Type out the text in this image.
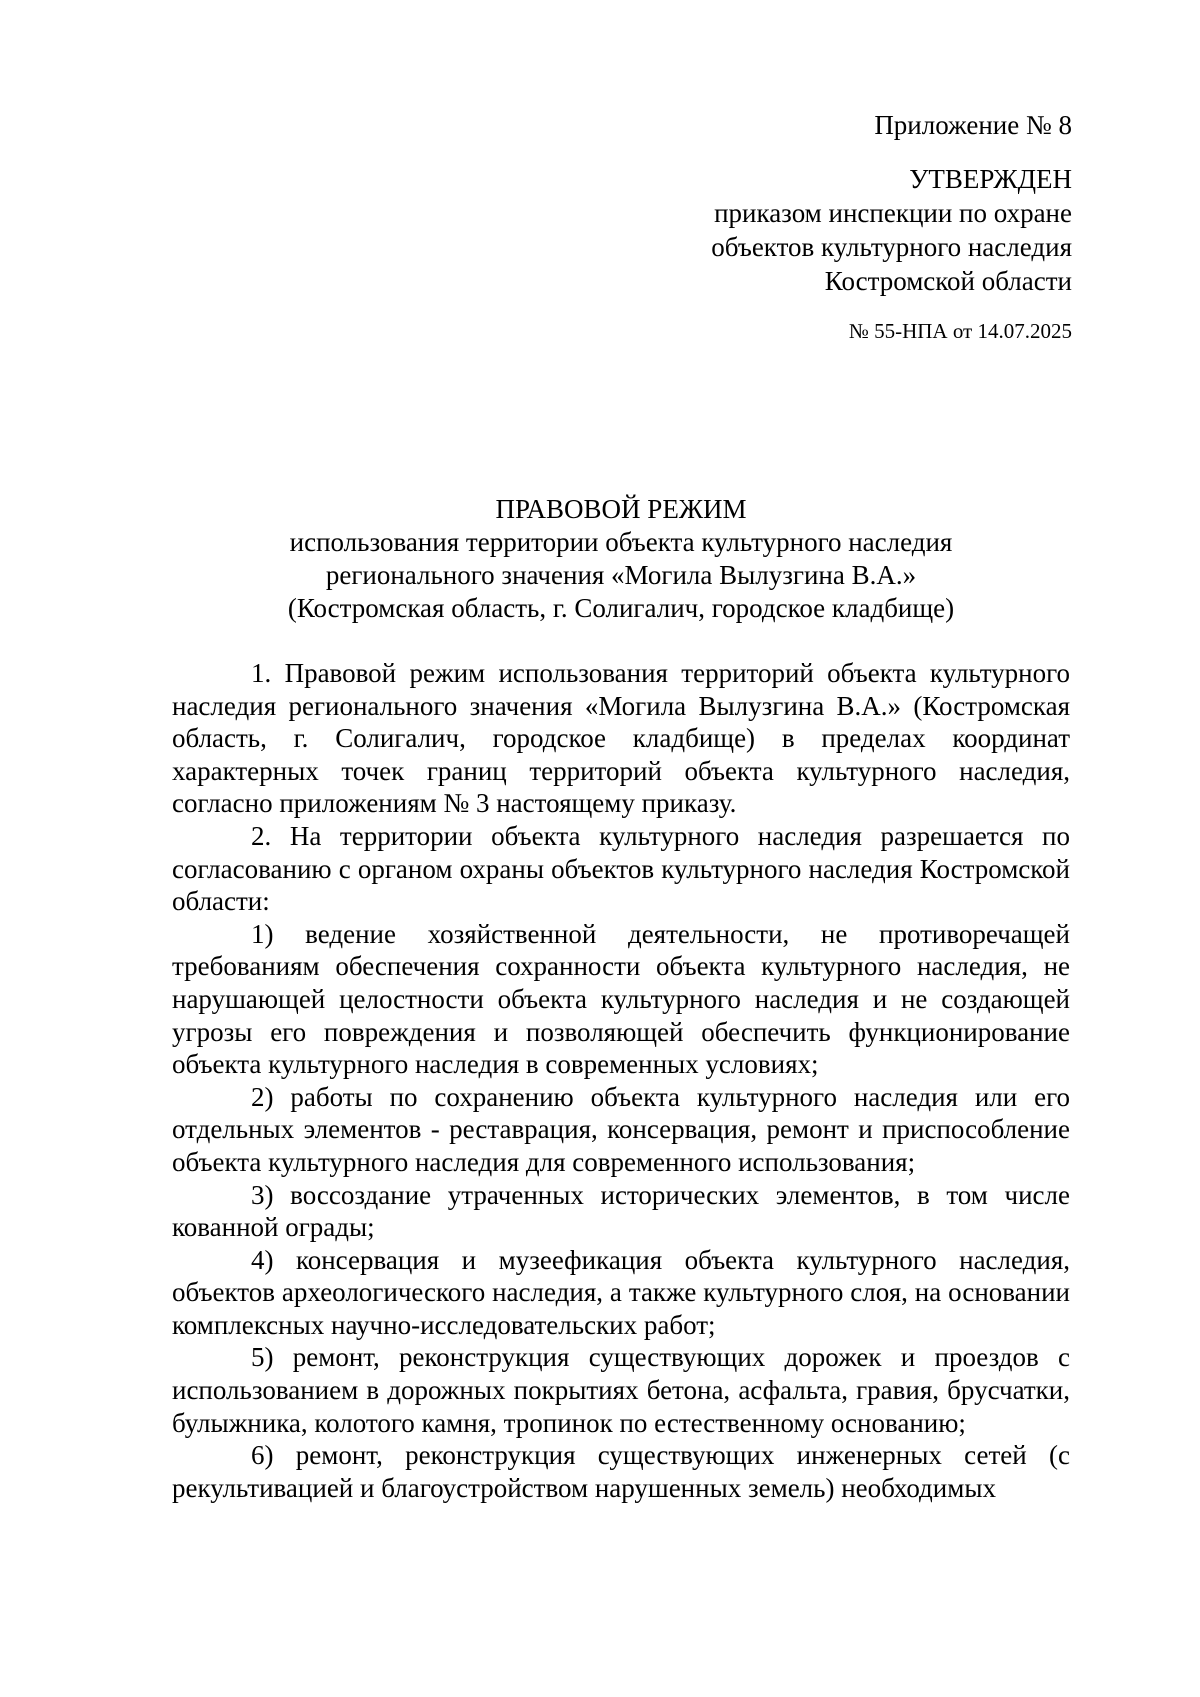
Приложение № 8
УТВЕРЖДЕН
приказом инспекции по охране
объектов культурного наследия
Костромской области
№ 55-НПА от 14.07.2025
ПРАВОВОЙ РЕЖИМ
использования территории объекта культурного наследия
регионального значения «Могила Вылузгина В.А.»
(Костромская область, г. Солигалич, городское кладбище)

1. Правовой режим использования территорий объекта культурного наследия регионального значения «Могила Вылузгина В.А.» (Костромская область, г. Солигалич, городское кладбище) в пределах координат характерных точек границ территорий объекта культурного наследия, согласно приложениям № 3 настоящему приказу.

2. На территории объекта культурного наследия разрешается по согласованию с органом охраны объектов культурного наследия Костромской области:

1) ведение хозяйственной деятельности, не противоречащей требованиям обеспечения сохранности объекта культурного наследия, не нарушающей целостности объекта культурного наследия и не создающей угрозы его повреждения и позволяющей обеспечить функционирование объекта культурного наследия в современных условиях;

2) работы по сохранению объекта культурного наследия или его отдельных элементов - реставрация, консервация, ремонт и приспособление объекта культурного наследия для современного использования;

3) воссоздание утраченных исторических элементов, в том числе кованной ограды;

4) консервация и музеефикация объекта культурного наследия, объектов археологического наследия, а также культурного слоя, на основании комплексных научно-исследовательских работ;

5) ремонт, реконструкция существующих дорожек и проездов с использованием в дорожных покрытиях бетона, асфальта, гравия, брусчатки, булыжника, колотого камня, тропинок по естественному основанию;

6) ремонт, реконструкция существующих инженерных сетей (с рекультивацией и благоустройством нарушенных земель) необходимых
